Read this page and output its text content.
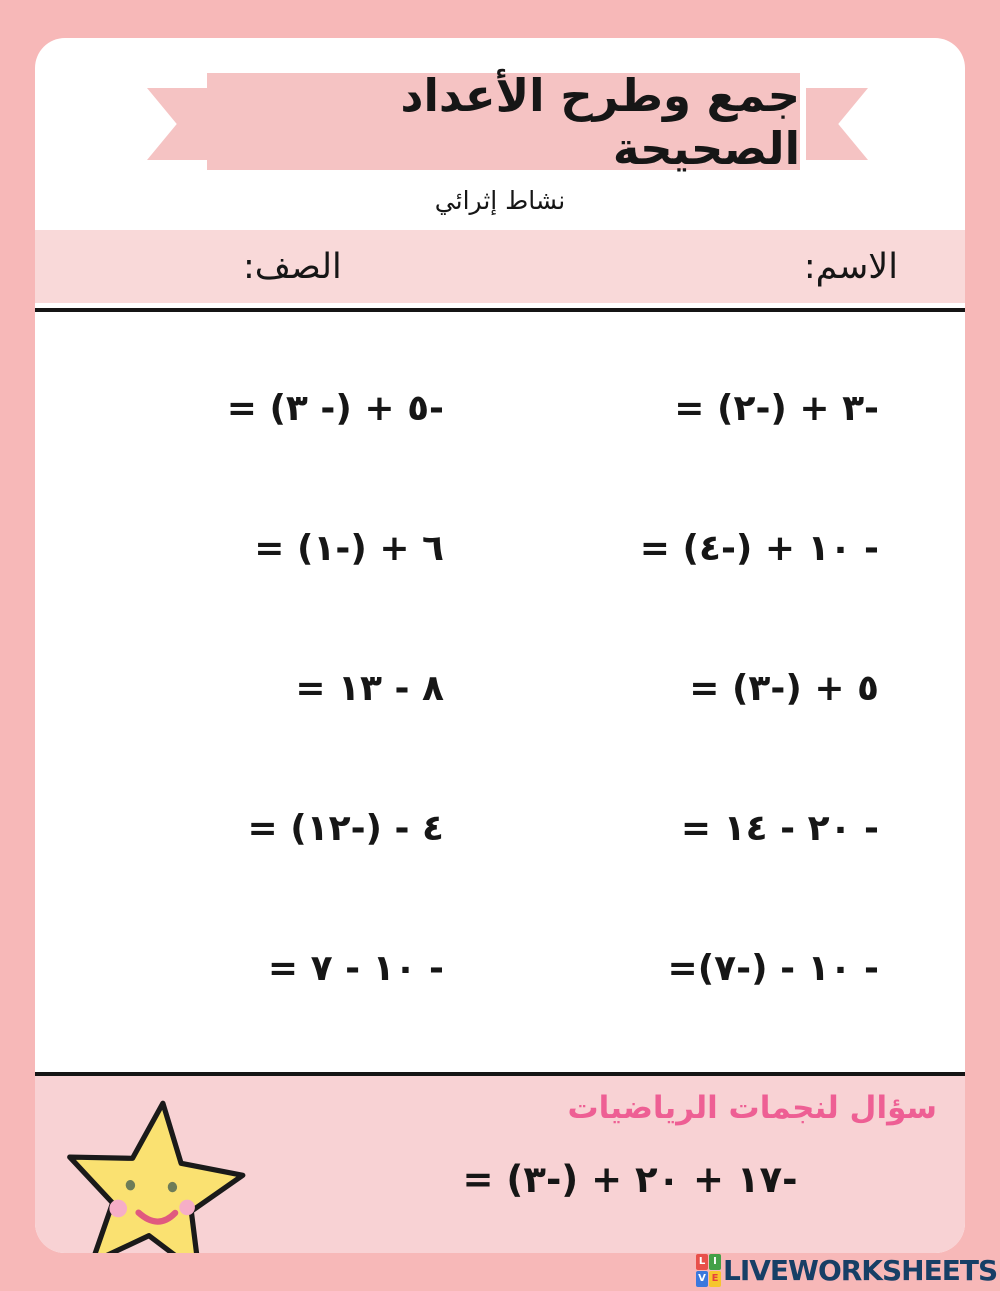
جمع وطرح الأعداد الصحيحة
نشاط إثرائي
الاسم:
الصف:
-٣ + (-٢) =
-٥ + (- ٣) =
- ١٠ + (-٤) =
٦ + (-١) =
٥ + (-٣) =
٨ - ١٣ =
- ٢٠ - ١٤ =
٤ - (-١٢) =
- ١٠ - (-٧)=
- ١٠ - ٧ =
سؤال لنجمات الرياضيات
-١٧ + ٢٠ + (-٣) =
L I
V E LIVEWORKSHEETS
